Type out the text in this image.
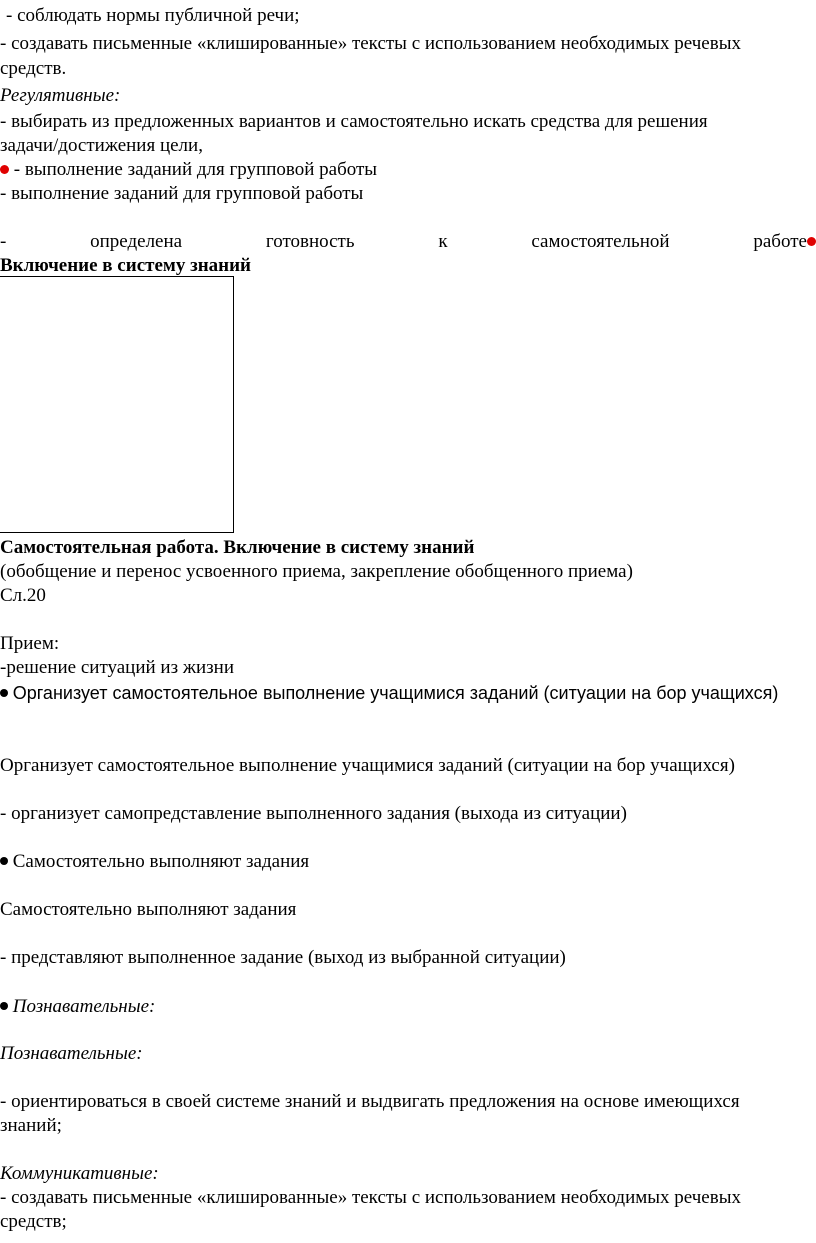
- соблюдать нормы публичной речи;
- создавать письменные «клишированные» тексты с использованием необходимых речевых
средств.
Регулятивные:
- выбирать из предложенных вариантов и самостоятельно искать средства для решения
задачи/достижения цели,
- выполнение заданий для групповой работы
- выполнение заданий для групповой работы
-	определена	готовность	к	самостоятельной	работе
Включение в систему знаний
Самостоятельная работа. Включение в систему знаний
(обобщение и перенос усвоенного приема, закрепление обобщенного приема)
Сл.20
Прием:
-решение ситуаций из жизни
Организует самостоятельное выполнение учащимися заданий (ситуации на бор учащихся)
Организует самостоятельное выполнение учащимися заданий (ситуации на бор учащихся)
- организует самопредставление выполненного задания (выхода из ситуации)
Самостоятельно выполняют задания
Самостоятельно выполняют задания
- представляют выполненное задание (выход из выбранной ситуации)
Познавательные:
Познавательные:
- ориентироваться в своей системе знаний и выдвигать предложения на основе имеющихся
знаний;
Коммуникативные:
- создавать письменные «клишированные» тексты с использованием необходимых речевых
средств;
